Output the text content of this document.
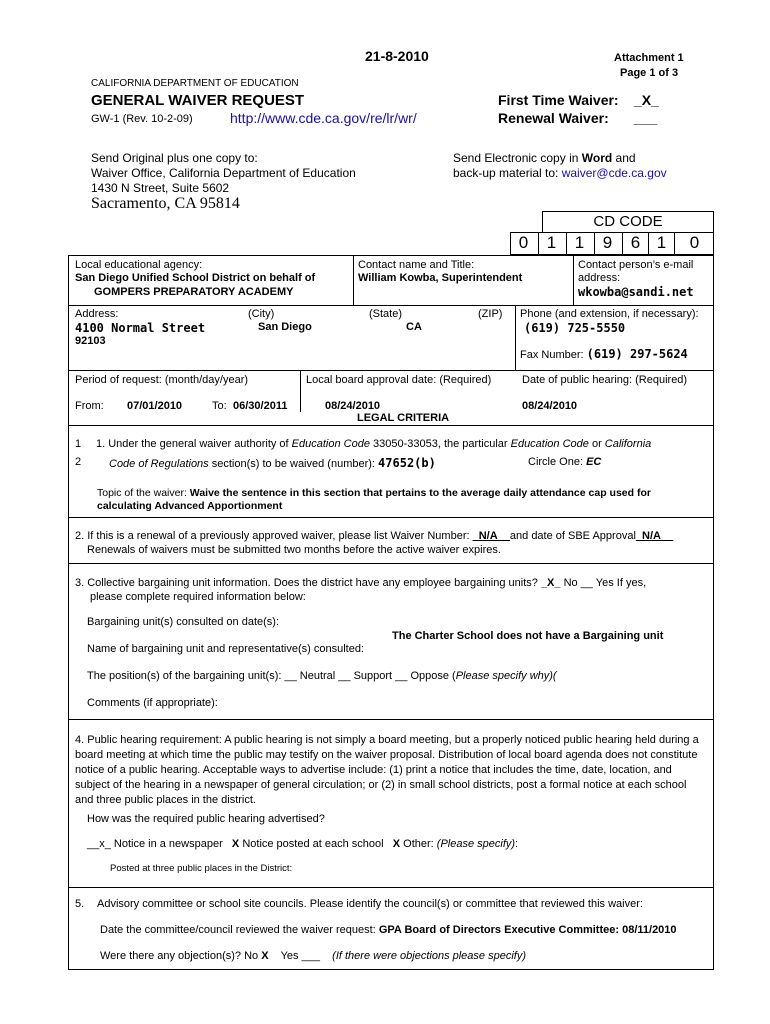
21-8-2010	Attachment 1
Page 1 of 3
CALIFORNIA DEPARTMENT OF EDUCATION
GENERAL WAIVER REQUEST
GW-1 (Rev. 10-2-09)	http://www.cde.ca.gov/re/lr/wr/
First Time Waiver: _X_
Renewal Waiver: ___
Send Original plus one copy to:
Waiver Office, California Department of Education
1430 N Street, Suite 5602
Sacramento, CA 95814
Send Electronic copy in Word and
back-up material to: waiver@cde.ca.gov
CD CODE
0	1	1	9	6 1	0
Local educational agency:
San Diego Unified School District on behalf of
GOMPERS PREPARATORY ACADEMY
Contact name and Title:
William Kowba, Superintendent
Contact person’s e-mail
address:
wkowba@sandi.net
Address:	(City)	(State)	(ZIP)
4100 Normal Street	San Diego	CA
92103
Phone (and extension, if necessary):
(619) 725-5550
Fax Number: (619) 297-5624
Period of request: (month/day/year)
From: 07/01/2010	To: 06/30/2011
Local board approval date: (Required)
08/24/2010
Date of public hearing: (Required)
08/24/2010
LEGAL CRITERIA
1
2
1. Under the general waiver authority of Education Code 33050-33053, the particular Education Code or California
Code of Regulations section(s) to be waived (number): 47652(b)	Circle One: EC
Topic of the waiver: Waive the sentence in this section that pertains to the average daily attendance cap used for
calculating Advanced Apportionment
2. If this is a renewal of a previously approved waiver, please list Waiver Number: _N/A__and date of SBE Approval_N/A__
Renewals of waivers must be submitted two months before the active waiver expires.
3. Collective bargaining unit information. Does the district have any employee bargaining units? _X_ No __ Yes If yes,
please complete required information below:
Bargaining unit(s) consulted on date(s):
The Charter School does not have a Bargaining unit
Name of bargaining unit and representative(s) consulted:
The position(s) of the bargaining unit(s): __ Neutral __ Support __ Oppose (Please specify why)(
Comments (if appropriate):
4. Public hearing requirement: A public hearing is not simply a board meeting, but a properly noticed public hearing held during a board meeting at which time the public may testify on the waiver proposal. Distribution of local board agenda does not constitute notice of a public hearing. Acceptable ways to advertise include: (1) print a notice that includes the time, date, location, and subject of the hearing in a newspaper of general circulation; or (2) in small school districts, post a formal notice at each school and three public places in the district.
How was the required public hearing advertised?
__x_ Notice in a newspaper X Notice posted at each school X Other: (Please specify):
Posted at three public places in the District:
5. Advisory committee or school site councils. Please identify the council(s) or committee that reviewed this waiver:
Date the committee/council reviewed the waiver request: GPA Board of Directors Executive Committee: 08/11/2010
Were there any objection(s)? No X    Yes ___    (If there were objections please specify)
